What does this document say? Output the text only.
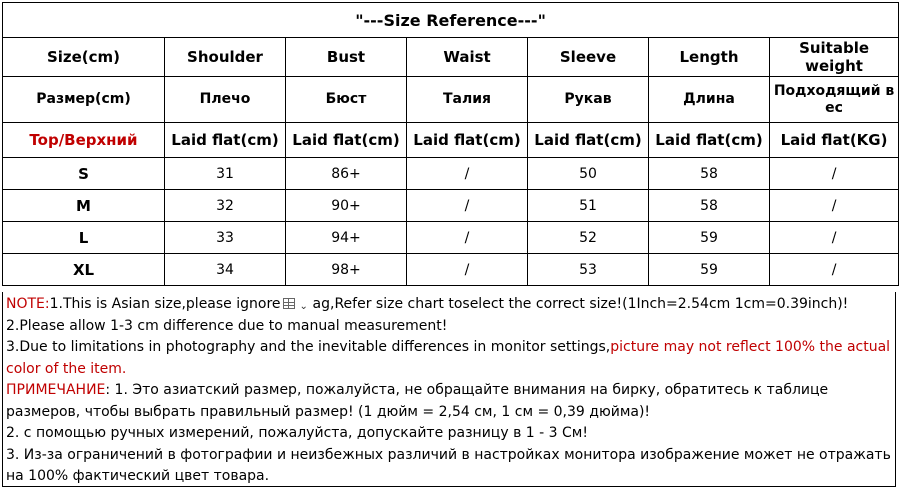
"---Size Reference---"						
Size(cm)	Shoulder	Bust	Waist	Sleeve	Length	Suitable weight
Размер(cm)	Плечо	Бюст	Талия	Рукав	Длина	Подходящий в ес
Top/Верхний	Laid flat(cm)	Laid flat(cm)	Laid flat(cm)	Laid flat(cm)	Laid flat(cm)	Laid flat(KG)
S	31	86+	/	50	58	/
M	32	90+	/	51	58	/
L	33	94+	/	52	59	/
XL	34	98+	/	53	59	/
NOTE:1.This is Asian size,please ignore ⌄ ag,Refer size chart toselect the correct size!(1Inch=2.54cm 1cm=0.39inch)!
2.Please allow 1-3 cm difference due to manual measurement!
3.Due to limitations in photography and the inevitable differences in monitor settings,picture may not reflect 100% the actual color of the item.
ПРИМЕЧАНИЕ: 1. Это азиатский размер, пожалуйста, не обращайте внимания на бирку, обратитесь к таблице размеров, чтобы выбрать правильный размер! (1 дюйм = 2,54 см, 1 см = 0,39 дюйма)!
2. с помощью ручных измерений, пожалуйста, допускайте разницу в 1 - 3 См!
3. Из-за ограничений в фотографии и неизбежных различий в настройках монитора изображение может не отражать на 100% фактический цвет товара.
